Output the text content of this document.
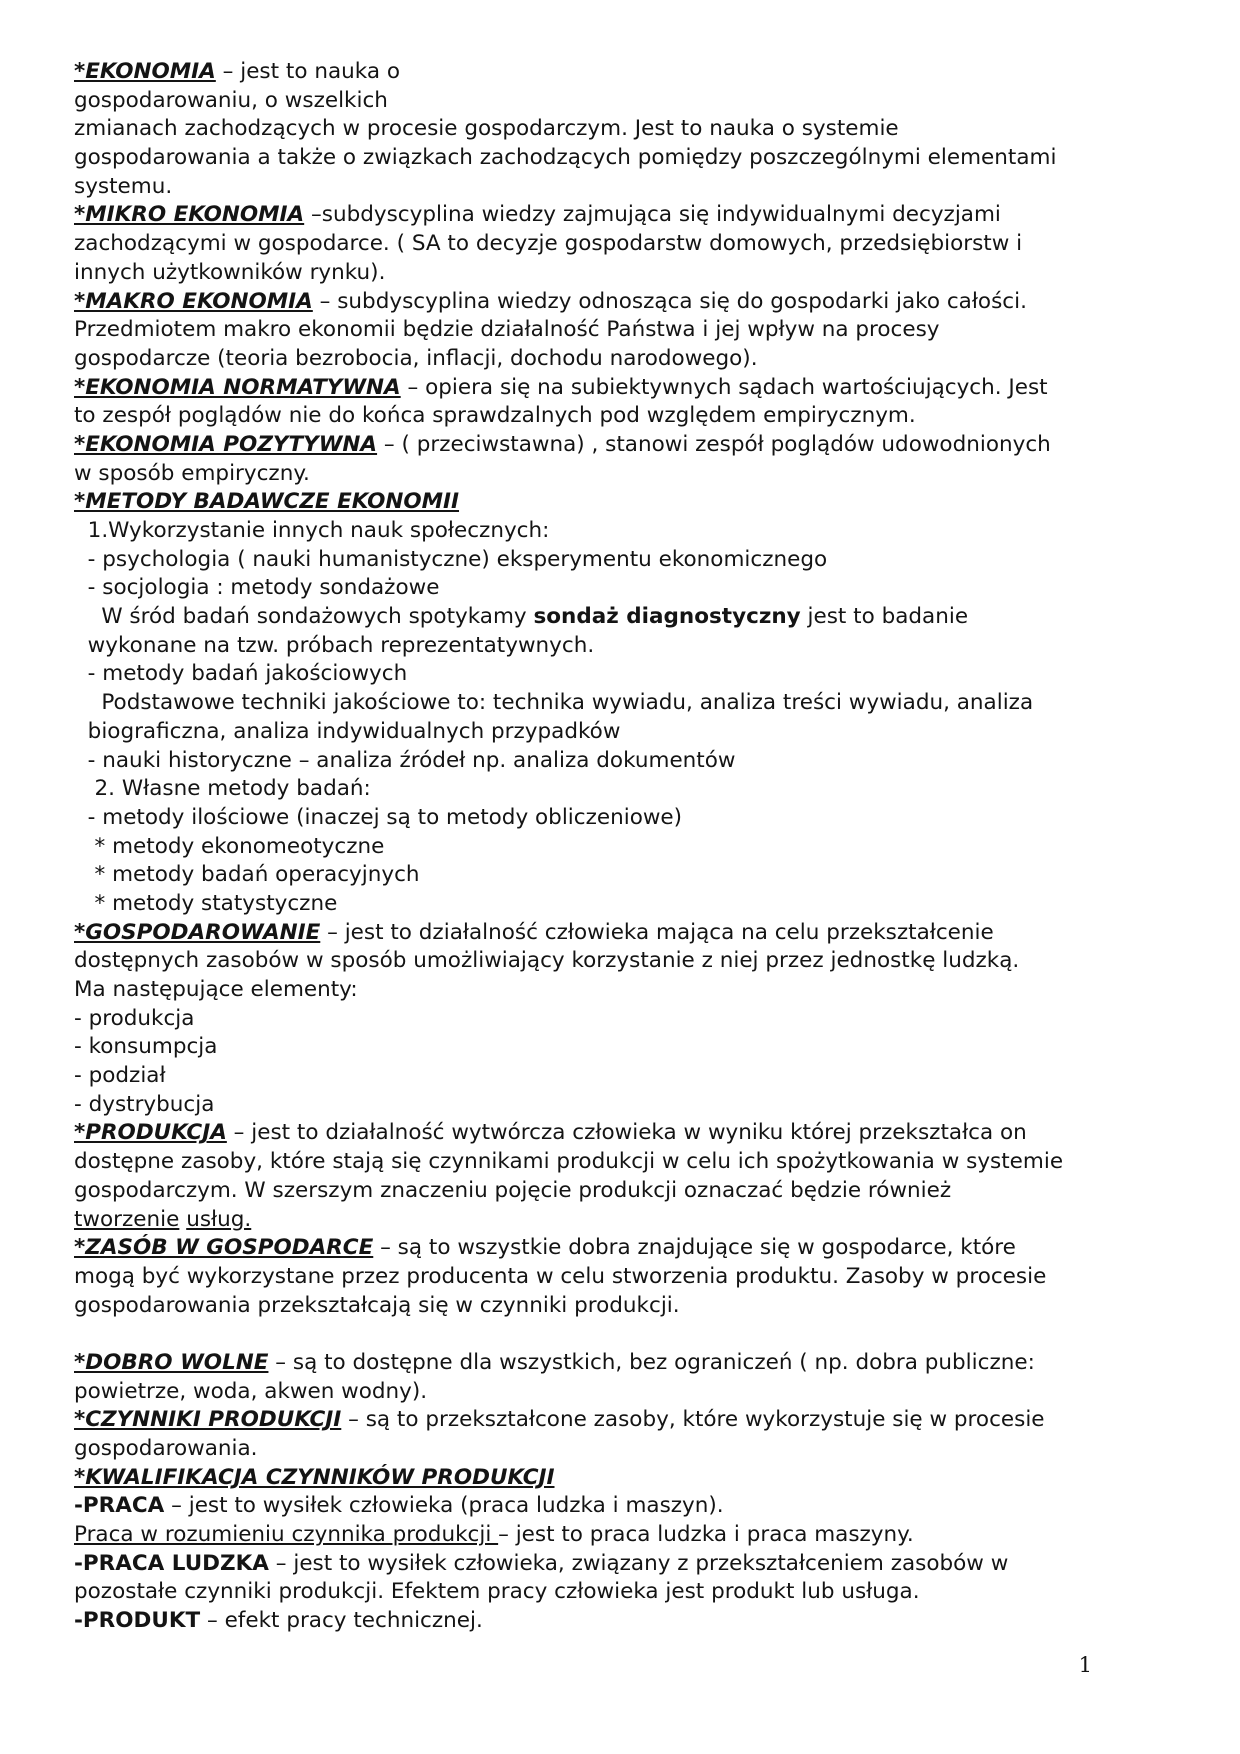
*EKONOMIA – jest to nauka o
gospodarowaniu, o wszelkich
zmianach zachodzących w procesie gospodarczym. Jest to nauka o systemie
gospodarowania a także o związkach zachodzących pomiędzy poszczególnymi elementami
systemu.
*MIKRO EKONOMIA –subdyscyplina wiedzy zajmująca się indywidualnymi decyzjami
zachodzącymi w gospodarce. ( SA to decyzje gospodarstw domowych, przedsiębiorstw i
innych użytkowników rynku).
*MAKRO EKONOMIA – subdyscyplina wiedzy odnosząca się do gospodarki jako całości.
Przedmiotem makro ekonomii będzie działalność Państwa i jej wpływ na procesy
gospodarcze (teoria bezrobocia, inflacji, dochodu narodowego).
*EKONOMIA NORMATYWNA – opiera się na subiektywnych sądach wartościujących. Jest
to zespół poglądów nie do końca sprawdzalnych pod względem empirycznym.
*EKONOMIA POZYTYWNA – ( przeciwstawna) , stanowi zespół poglądów udowodnionych
w sposób empiryczny.
*METODY BADAWCZE EKONOMII
1.Wykorzystanie innych nauk społecznych:
- psychologia ( nauki humanistyczne) eksperymentu ekonomicznego
- socjologia : metody sondażowe
W śród badań sondażowych spotykamy sondaż diagnostyczny jest to badanie
wykonane na tzw. próbach reprezentatywnych.
- metody badań jakościowych
Podstawowe techniki jakościowe to: technika wywiadu, analiza treści wywiadu, analiza
biograficzna, analiza indywidualnych przypadków
- nauki historyczne – analiza źródeł np. analiza dokumentów
2. Własne metody badań:
- metody ilościowe (inaczej są to metody obliczeniowe)
* metody ekonomeotyczne
* metody badań operacyjnych
* metody statystyczne
*GOSPODAROWANIE – jest to działalność człowieka mająca na celu przekształcenie
dostępnych zasobów w sposób umożliwiający korzystanie z niej przez jednostkę ludzką.
Ma następujące elementy:
- produkcja
- konsumpcja
- podział
- dystrybucja
*PRODUKCJA – jest to działalność wytwórcza człowieka w wyniku której przekształca on
dostępne zasoby, które stają się czynnikami produkcji w celu ich spożytkowania w systemie
gospodarczym. W szerszym znaczeniu pojęcie produkcji oznaczać będzie również
tworzenie usług.
*ZASÓB W GOSPODARCE – są to wszystkie dobra znajdujące się w gospodarce, które
mogą być wykorzystane przez producenta w celu stworzenia produktu. Zasoby w procesie
gospodarowania przekształcają się w czynniki produkcji.
*DOBRO WOLNE – są to dostępne dla wszystkich, bez ograniczeń ( np. dobra publiczne:
powietrze, woda, akwen wodny).
*CZYNNIKI PRODUKCJI – są to przekształcone zasoby, które wykorzystuje się w procesie
gospodarowania.
*KWALIFIKACJA CZYNNIKÓW PRODUKCJI
-PRACA – jest to wysiłek człowieka (praca ludzka i maszyn).
Praca w rozumieniu czynnika produkcji – jest to praca ludzka i praca maszyny.
-PRACA LUDZKA – jest to wysiłek człowieka, związany z przekształceniem zasobów w
pozostałe czynniki produkcji. Efektem pracy człowieka jest produkt lub usługa.
-PRODUKT – efekt pracy technicznej.
1
